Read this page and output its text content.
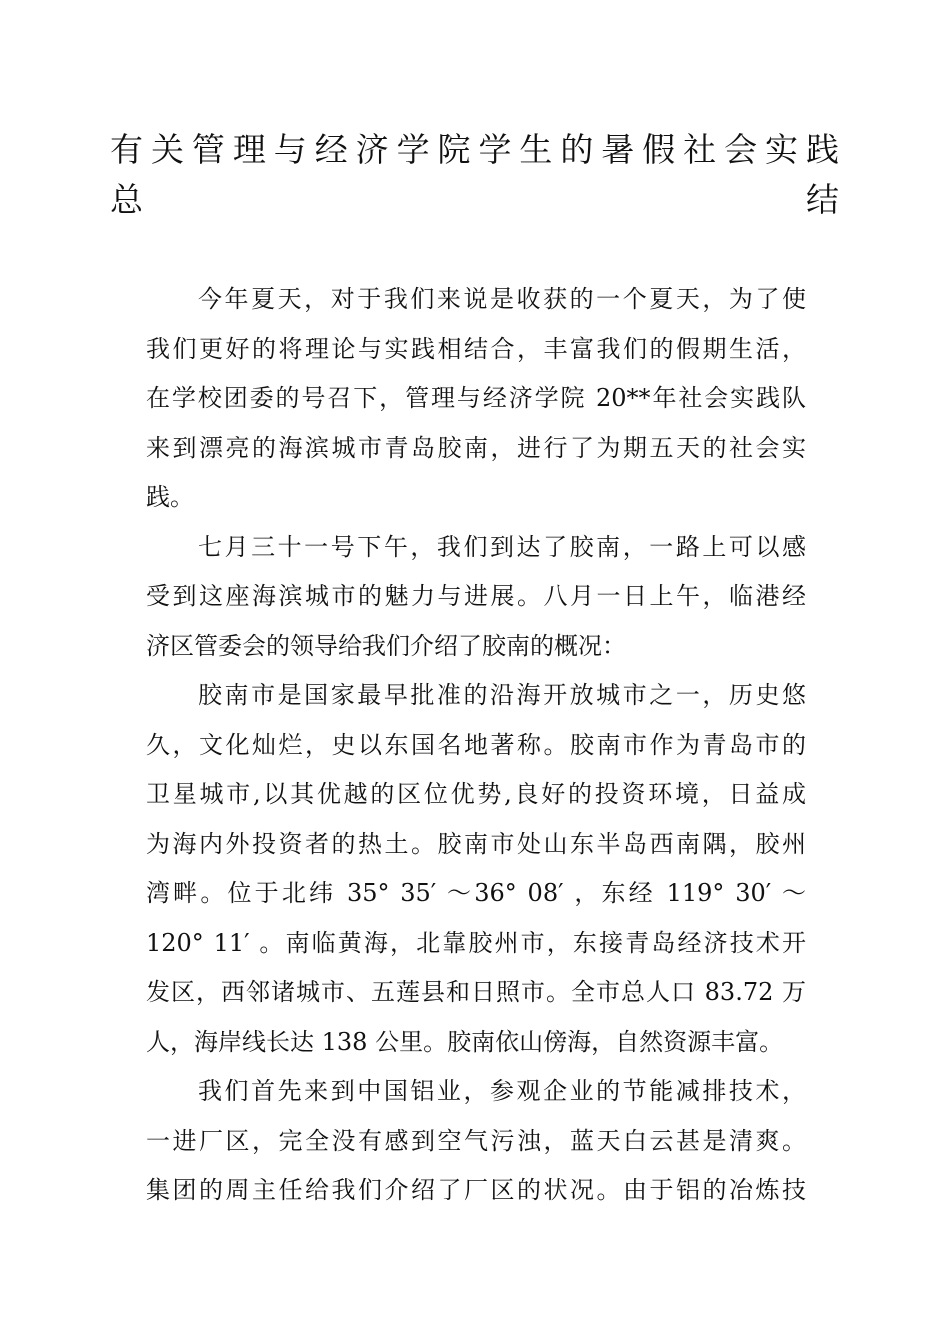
有关管理与经济学院学生的暑假社会实践
总结

今年夏天，对于我们来说是收获的一个夏天，为了使
我们更好的将理论与实践相结合，丰富我们的假期生活，
在学校团委的号召下，管理与经济学院 20**年社会实践队
来到漂亮的海滨城市青岛胶南，进行了为期五天的社会实
践。

七月三十一号下午，我们到达了胶南，一路上可以感
受到这座海滨城市的魅力与进展。八月一日上午，临港经
济区管委会的领导给我们介绍了胶南的概况：

胶南市是国家最早批准的沿海开放城市之一，历史悠
久，文化灿烂，史以东国名地著称。胶南市作为青岛市的
卫星城市,以其优越的区位优势,良好的投资环境，日益成
为海内外投资者的热土。胶南市处山东半岛西南隅，胶州
湾畔。位于北纬 35° 35′ ～36° 08′ ，东经 119° 30′ ～
120° 11′ 。南临黄海，北靠胶州市，东接青岛经济技术开
发区，西邻诸城市、五莲县和日照市。全市总人口 83.72 万
人，海岸线长达 138 公里。胶南依山傍海，自然资源丰富。

我们首先来到中国铝业，参观企业的节能减排技术，
一进厂区，完全没有感到空气污浊，蓝天白云甚是清爽。
集团的周主任给我们介绍了厂区的状况。由于铝的冶炼技
